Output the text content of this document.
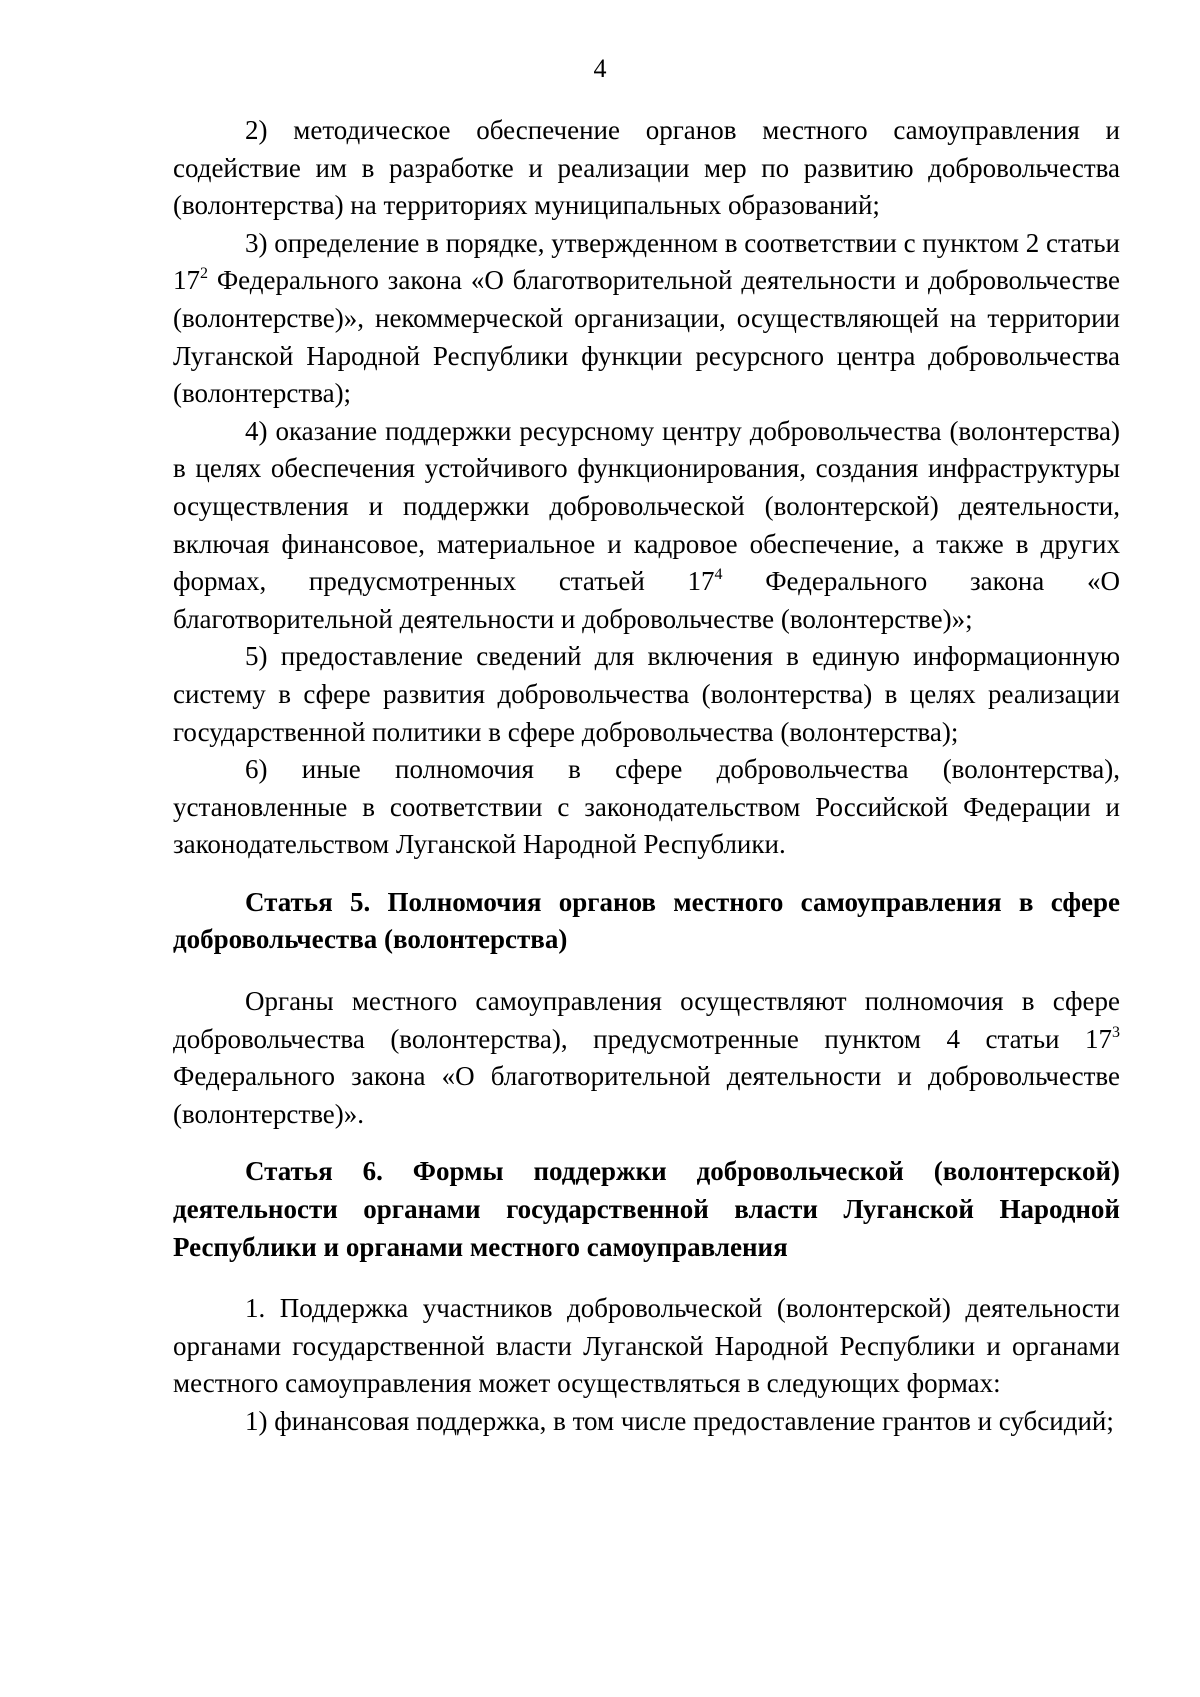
4

2) методическое обеспечение органов местного самоуправления и содействие им в разработке и реализации мер по развитию добровольчества (волонтерства) на территориях муниципальных образований;

3) определение в порядке, утвержденном в соответствии с пунктом 2 статьи $17^2$ Федерального закона «О благотворительной деятельности и добровольчестве (волонтерстве)», некоммерческой организации, осуществляющей на территории Луганской Народной Республики функции ресурсного центра добровольчества (волонтерства);

4) оказание поддержки ресурсному центру добровольчества (волонтерства) в целях обеспечения устойчивого функционирования, создания инфраструктуры осуществления и поддержки добровольческой (волонтерской) деятельности, включая финансовое, материальное и кадровое обеспечение, а также в других формах, предусмотренных статьей $17^4$ Федерального закона «О благотворительной деятельности и добровольчестве (волонтерстве)»;

5) предоставление сведений для включения в единую информационную систему в сфере развития добровольчества (волонтерства) в целях реализации государственной политики в сфере добровольчества (волонтерства);

6) иные полномочия в сфере добровольчества (волонтерства), установленные в соответствии с законодательством Российской Федерации и законодательством Луганской Народной Республики.

Статья 5. Полномочия органов местного самоуправления в сфере добровольчества (волонтерства)

Органы местного самоуправления осуществляют полномочия в сфере добровольчества (волонтерства), предусмотренные пунктом 4 статьи $17^3$ Федерального закона «О благотворительной деятельности и добровольчестве (волонтерстве)».

Статья 6. Формы поддержки добровольческой (волонтерской) деятельности органами государственной власти Луганской Народной Республики и органами местного самоуправления

1. Поддержка участников добровольческой (волонтерской) деятельности органами государственной власти Луганской Народной Республики и органами местного самоуправления может осуществляться в следующих формах:

1) финансовая поддержка, в том числе предоставление грантов и субсидий;
